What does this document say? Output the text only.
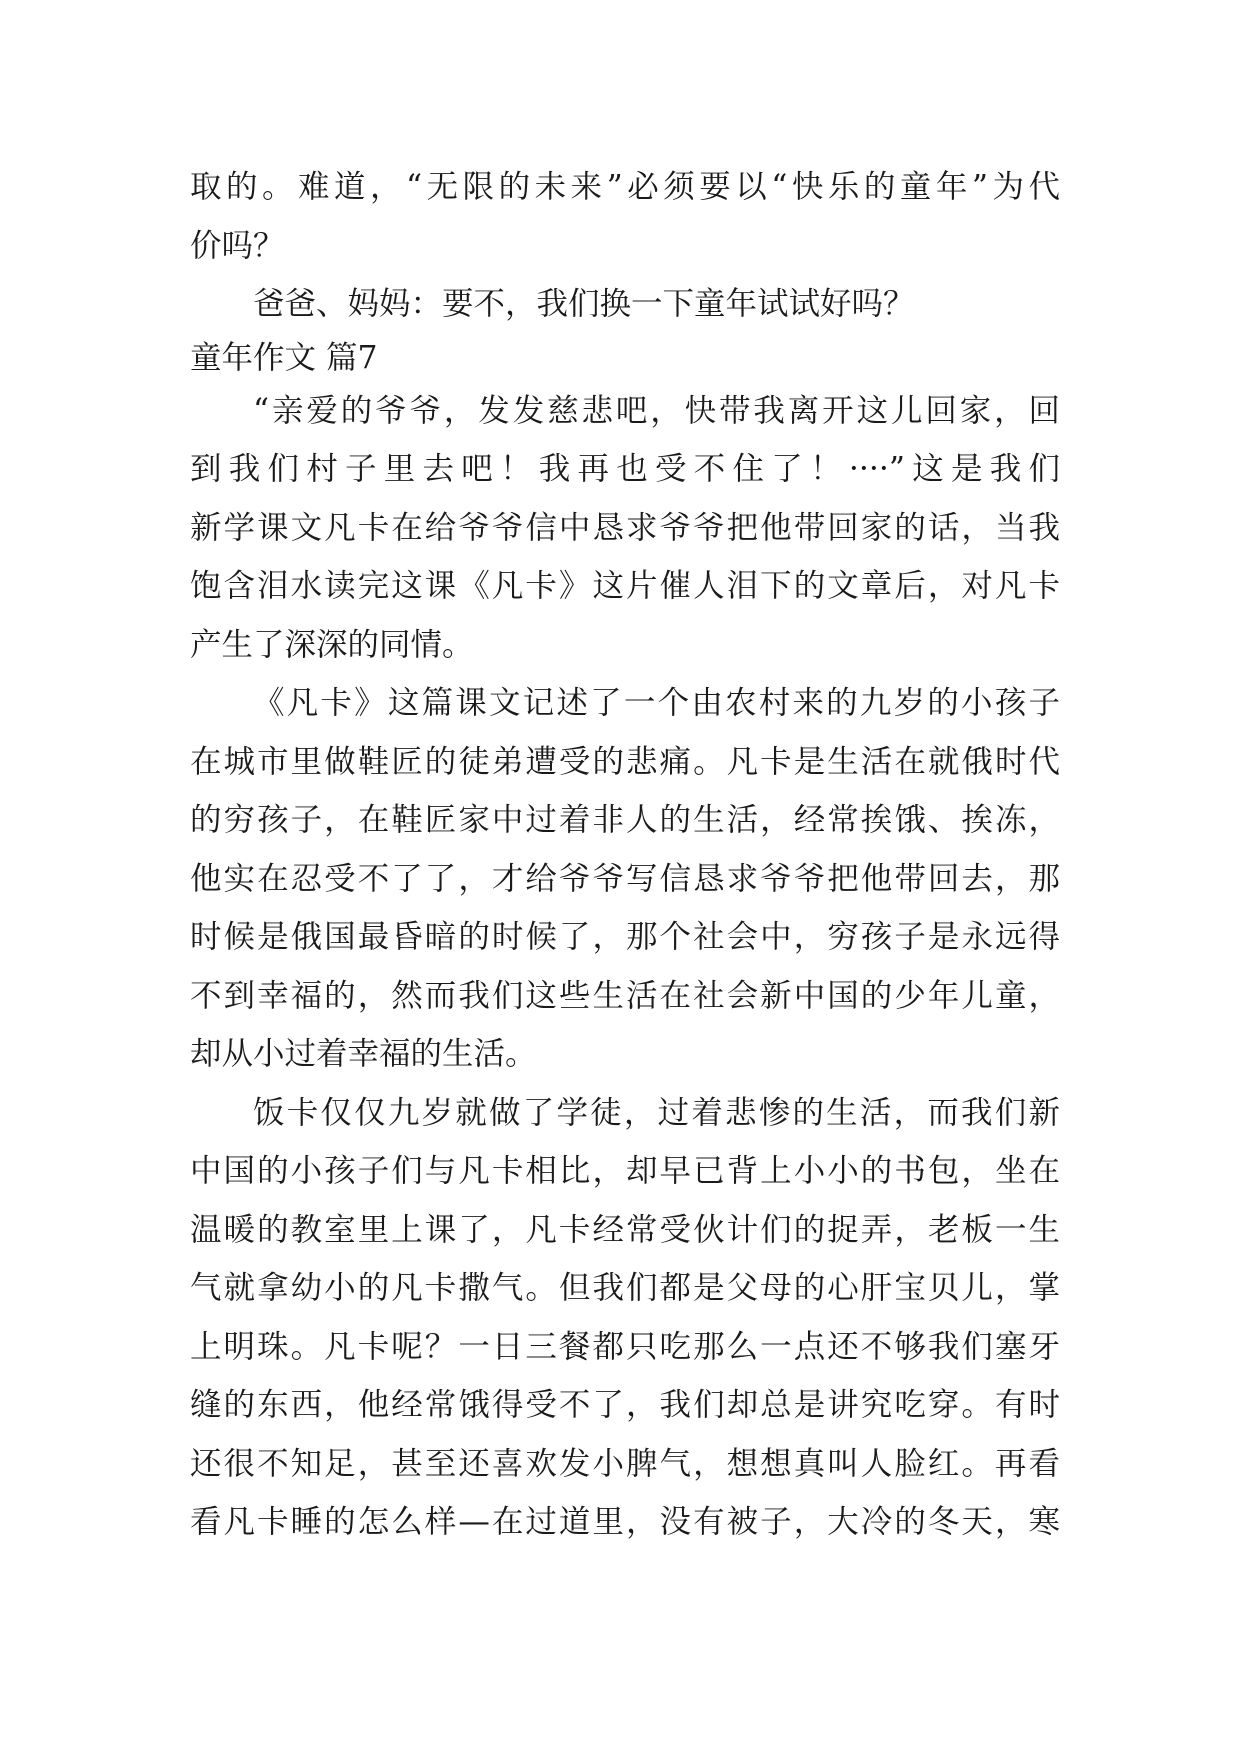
取的。难道，“无限的未来”必须要以“快乐的童年”为代
价吗？
爸爸、妈妈：要不，我们换一下童年试试好吗？
童年作文 篇7
“亲爱的爷爷，发发慈悲吧，快带我离开这儿回家，回
到我们村子里去吧！我再也受不住了！····”这是我们
新学课文凡卡在给爷爷信中恳求爷爷把他带回家的话，当我
饱含泪水读完这课《凡卡》这片催人泪下的文章后，对凡卡
产生了深深的同情。
《凡卡》这篇课文记述了一个由农村来的九岁的小孩子
在城市里做鞋匠的徒弟遭受的悲痛。凡卡是生活在就俄时代
的穷孩子，在鞋匠家中过着非人的生活，经常挨饿、挨冻，
他实在忍受不了了，才给爷爷写信恳求爷爷把他带回去，那
时候是俄国最昏暗的时候了，那个社会中，穷孩子是永远得
不到幸福的，然而我们这些生活在社会新中国的少年儿童，
却从小过着幸福的生活。
饭卡仅仅九岁就做了学徒，过着悲惨的生活，而我们新
中国的小孩子们与凡卡相比，却早已背上小小的书包，坐在
温暖的教室里上课了，凡卡经常受伙计们的捉弄，老板一生
气就拿幼小的凡卡撒气。但我们都是父母的心肝宝贝儿，掌
上明珠。凡卡呢？一日三餐都只吃那么一点还不够我们塞牙
缝的东西，他经常饿得受不了，我们却总是讲究吃穿。有时
还很不知足，甚至还喜欢发小脾气，想想真叫人脸红。再看
看凡卡睡的怎么样—在过道里，没有被子，大冷的冬天，寒
